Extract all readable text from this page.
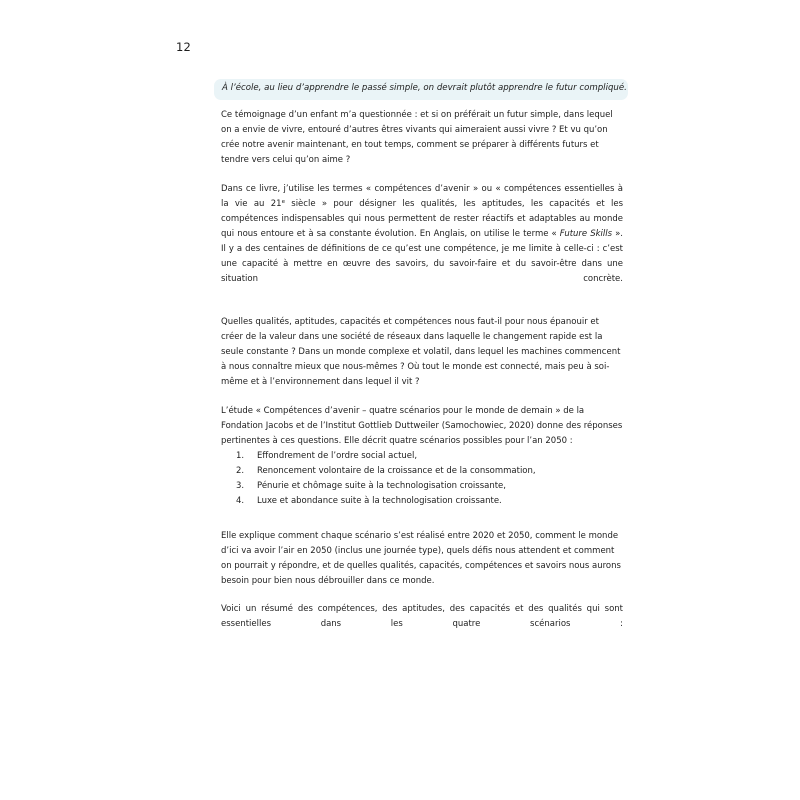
12
À l’école, au lieu d’apprendre le passé simple, on devrait plutôt apprendre le futur compliqué.

Ce témoignage d’un enfant m’a questionnée : et si on préférait un futur simple, dans lequel on a envie de vivre, entouré d’autres êtres vivants qui aimeraient aussi vivre ? Et vu qu’on crée notre avenir maintenant, en tout temps, comment se préparer à différents futurs et tendre vers celui qu’on aime ?

Dans ce livre, j’utilise les termes « compétences d’avenir » ou « compétences essentielles à la vie au 21e siècle » pour désigner les qualités, les aptitudes, les capacités et les compétences indispensables qui nous permettent de rester réactifs et adaptables au monde qui nous entoure et à sa constante évolution. En Anglais, on utilise le terme « Future Skills ». Il y a des centaines de définitions de ce qu’est une compétence, je me limite à celle-ci : c’est une capacité à mettre en œuvre des savoirs, du savoir-faire et du savoir-être dans une situation concrète.

Quelles qualités, aptitudes, capacités et compétences nous faut-il pour nous épanouir et créer de la valeur dans une société de réseaux dans laquelle le changement rapide est la seule constante ? Dans un monde complexe et volatil, dans lequel les machines commencent à nous connaître mieux que nous-mêmes ? Où tout le monde est connecté, mais peu à soi-même et à l’environnement dans lequel il vit ?

L’étude « Compétences d’avenir – quatre scénarios pour le monde de demain » de la Fondation Jacobs et de l’Institut Gottlieb Duttweiler (Samochowiec, 2020) donne des réponses pertinentes à ces questions. Elle décrit quatre scénarios possibles pour l’an 2050 :

1. Effondrement de l’ordre social actuel,
2. Renoncement volontaire de la croissance et de la consommation,
3. Pénurie et chômage suite à la technologisation croissante,
4. Luxe et abondance suite à la technologisation croissante.

Elle explique comment chaque scénario s’est réalisé entre 2020 et 2050, comment le monde d’ici va avoir l’air en 2050 (inclus une journée type), quels défis nous attendent et comment on pourrait y répondre, et de quelles qualités, capacités, compétences et savoirs nous aurons besoin pour bien nous débrouiller dans ce monde.

Voici un résumé des compétences, des aptitudes, des capacités et des qualités qui sont essentielles dans les quatre scénarios :
